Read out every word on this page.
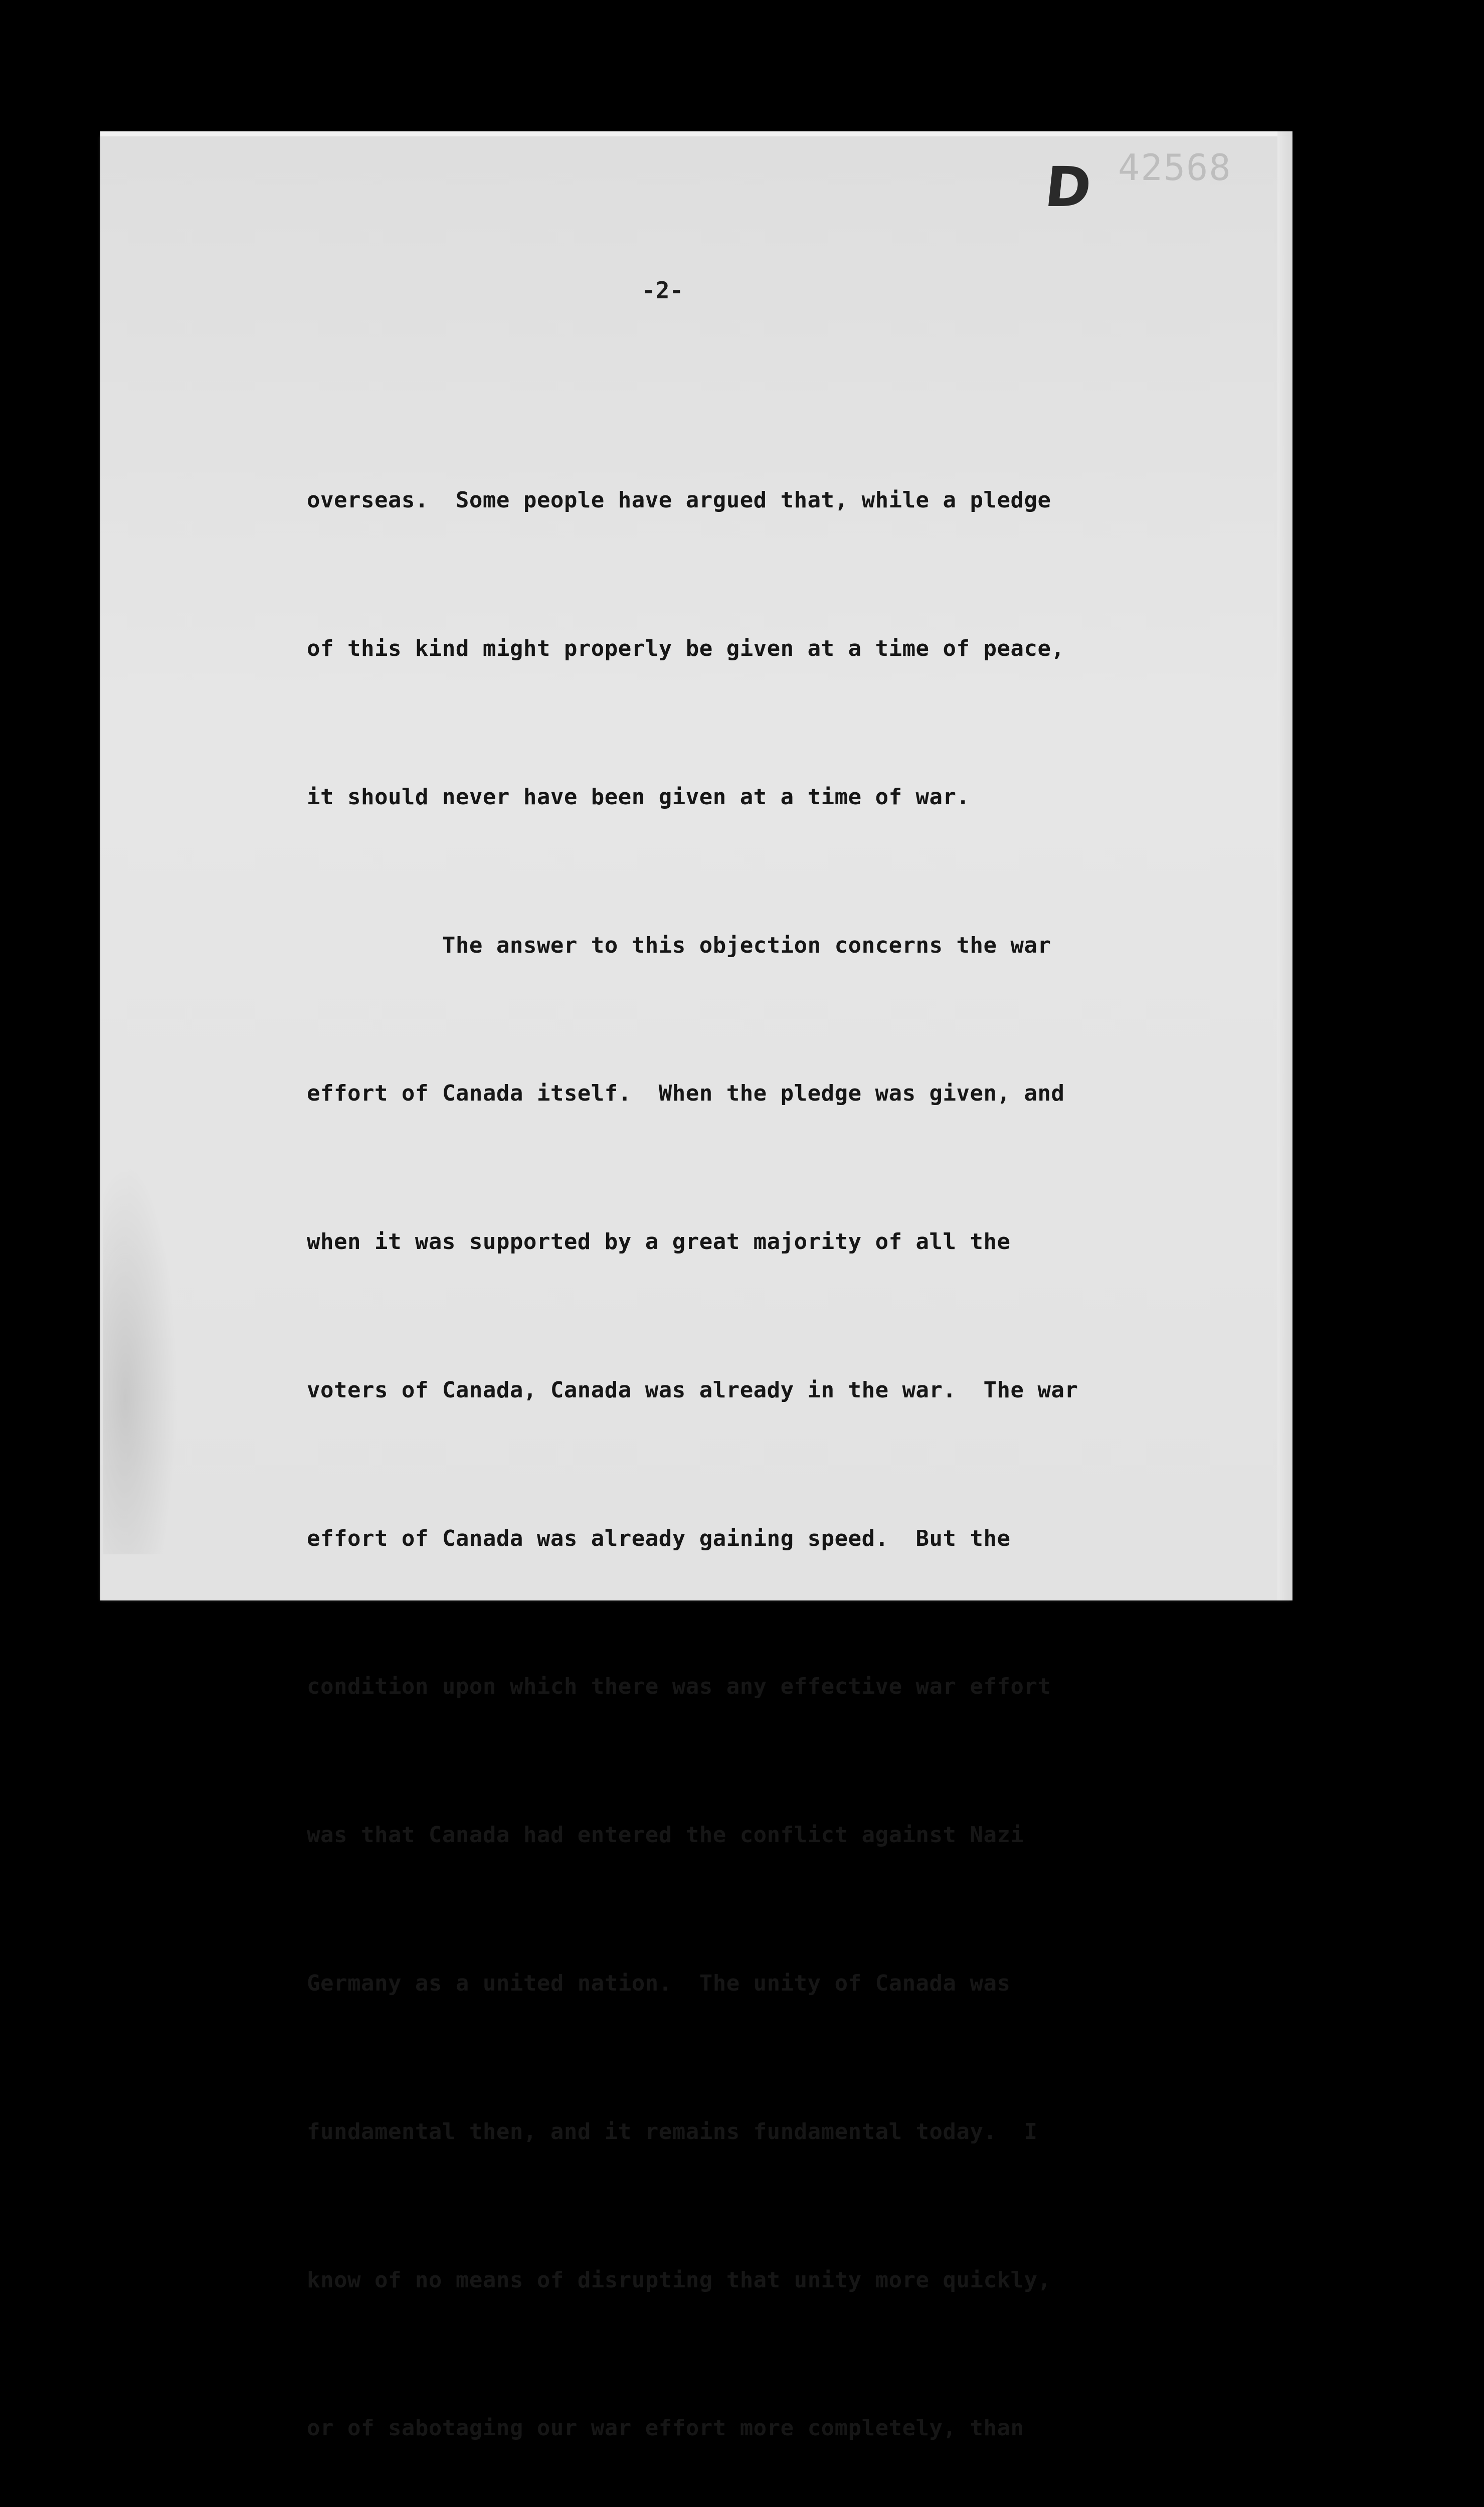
D 42568
-2-

overseas.  Some people have argued that, while a pledge

of this kind might properly be given at a time of peace,

it should never have been given at a time of war.

The answer to this objection concerns the war

effort of Canada itself.  When the pledge was given, and

when it was supported by a great majority of all the

voters of Canada, Canada was already in the war.  The war

effort of Canada was already gaining speed.  But the

condition upon which there was any effective war effort

was that Canada had entered the conflict against Nazi

Germany as a united nation.  The unity of Canada was

fundamental then, and it remains fundamental today.  I

know of no means of disrupting that unity more quickly,

or of sabotaging our war effort more completely, than
